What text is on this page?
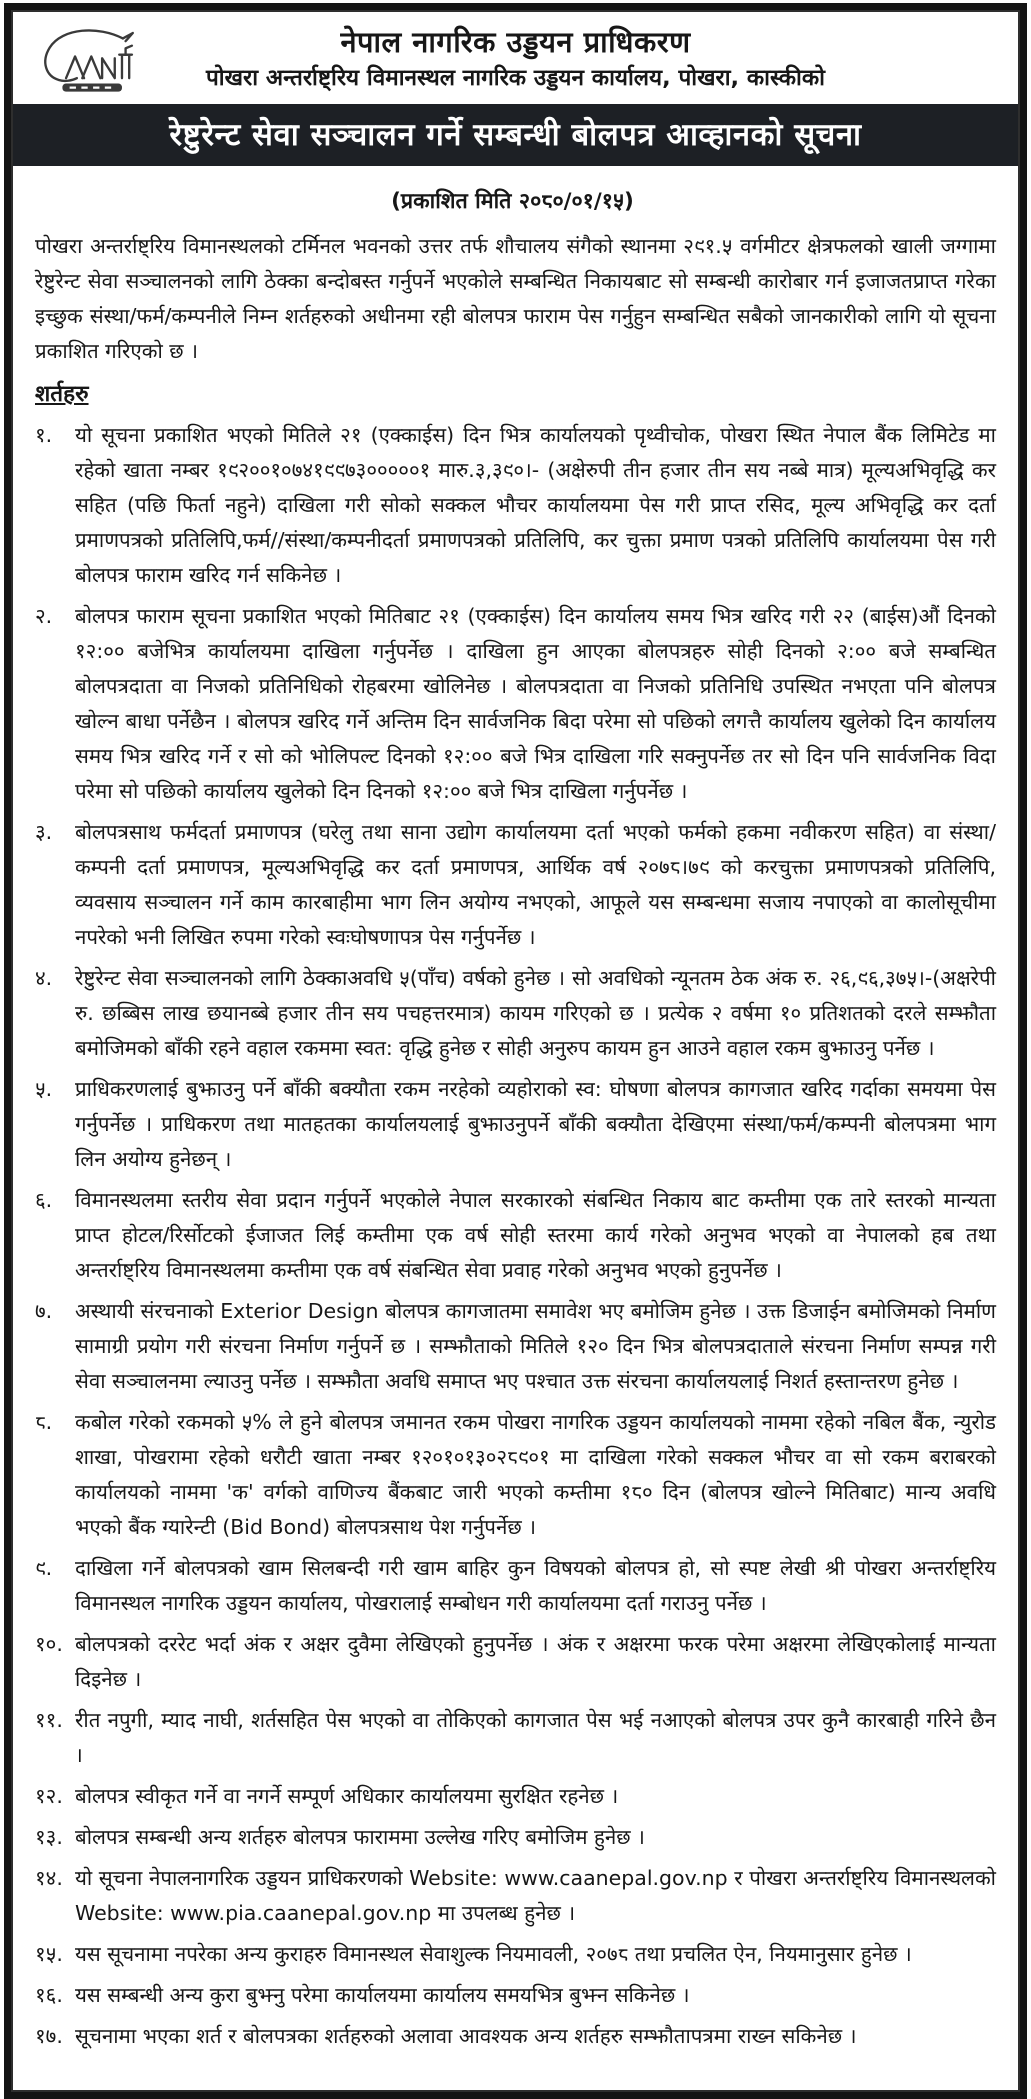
नेपाल नागरिक उड्डयन प्राधिकरण
पोखरा अन्तर्राष्ट्रिय विमानस्थल नागरिक उड्डयन कार्यालय, पोखरा, कास्कीको
रेष्टुरेन्ट सेवा सञ्चालन गर्ने सम्बन्धी बोलपत्र आव्हानको सूचना
(प्रकाशित मिति २०८०/०१/१५)

पोखरा अन्तर्राष्ट्रिय विमानस्थलको टर्मिनल भवनको उत्तर तर्फ शौचालय संगैको स्थानमा २९१.५ वर्गमीटर क्षेत्रफलको खाली जग्गामा रेष्टुरेन्ट सेवा सञ्चालनको लागि ठेक्का बन्दोबस्त गर्नुपर्ने भएकोले सम्बन्धित निकायबाट सो सम्बन्धी कारोबार गर्न इजाजतप्राप्त गरेका इच्छुक संस्था/फर्म/कम्पनीले निम्न शर्तहरुको अधीनमा रही बोलपत्र फाराम पेस गर्नुहुन सम्बन्धित सबैको जानकारीको लागि यो सूचना प्रकाशित गरिएको छ ।

शर्तहरु
१.	यो सूचना प्रकाशित भएको मितिले २१ (एक्काईस) दिन भित्र कार्यालयको पृथ्वीचोक, पोखरा स्थित नेपाल बैंक लिमिटेड मा रहेको खाता नम्बर १९२००१०७४१९९७३०००००१ मारु.३,३९०।- (अक्षेरुपी तीन हजार तीन सय नब्बे मात्र) मूल्यअभिवृद्धि कर सहित (पछि फिर्ता नहुने) दाखिला गरी सोको सक्कल भौचर कार्यालयमा पेस गरी प्राप्त रसिद, मूल्य अभिवृद्धि कर दर्ता प्रमाणपत्रको प्रतिलिपि,फर्म//संस्था/कम्पनीदर्ता प्रमाणपत्रको प्रतिलिपि, कर चुक्ता प्रमाण पत्रको प्रतिलिपि कार्यालयमा पेस गरी बोलपत्र फाराम खरिद गर्न सकिनेछ ।
२.	बोलपत्र फाराम सूचना प्रकाशित भएको मितिबाट २१ (एक्काईस) दिन कार्यालय समय भित्र खरिद गरी २२ (बाईस)औं दिनको १२:०० बजेभित्र कार्यालयमा दाखिला गर्नुपर्नेछ । दाखिला हुन आएका बोलपत्रहरु सोही दिनको २:०० बजे सम्बन्धित बोलपत्रदाता वा निजको प्रतिनिधिको रोहबरमा खोलिनेछ । बोलपत्रदाता वा निजको प्रतिनिधि उपस्थित नभएता पनि बोलपत्र खोल्न बाधा पर्नेछैन । बोलपत्र खरिद गर्ने अन्तिम दिन सार्वजनिक बिदा परेमा सो पछिको लगत्तै कार्यालय खुलेको दिन कार्यालय समय भित्र खरिद गर्ने र सो को भोलिपल्ट दिनको १२:०० बजे भित्र दाखिला गरि सक्नुपर्नेछ तर सो दिन पनि सार्वजनिक विदा परेमा सो पछिको कार्यालय खुलेको दिन दिनको १२:०० बजे भित्र दाखिला गर्नुपर्नेछ ।
३.	बोलपत्रसाथ फर्मदर्ता प्रमाणपत्र (घरेलु तथा साना उद्योग कार्यालयमा दर्ता भएको फर्मको हकमा नवीकरण सहित) वा संस्था/कम्पनी दर्ता प्रमाणपत्र, मूल्यअभिवृद्धि कर दर्ता प्रमाणपत्र, आर्थिक वर्ष २०७८।७९ को करचुक्ता प्रमाणपत्रको प्रतिलिपि, व्यवसाय सञ्चालन गर्ने काम कारबाहीमा भाग लिन अयोग्य नभएको, आफूले यस सम्बन्धमा सजाय नपाएको वा कालोसूचीमा नपरेको भनी लिखित रुपमा गरेको स्वःघोषणापत्र पेस गर्नुपर्नेछ ।
४.	रेष्टुरेन्ट सेवा सञ्चालनको लागि ठेक्काअवधि ५(पाँच) वर्षको हुनेछ । सो अवधिको न्यूनतम ठेक अंक रु. २६,९६,३७५।-(अक्षरेपी रु. छब्बिस लाख छयानब्बे हजार तीन सय पचहत्तरमात्र) कायम गरिएको छ । प्रत्येक २ वर्षमा १० प्रतिशतको दरले सम्झौता बमोजिमको बाँकी रहने वहाल रकममा स्वत: वृद्धि हुनेछ र सोही अनुरुप कायम हुन आउने वहाल रकम बुझाउनु पर्नेछ ।
५.	प्राधिकरणलाई बुझाउनु पर्ने बाँकी बक्यौता रकम नरहेको व्यहोराको स्व: घोषणा बोलपत्र कागजात खरिद गर्दाका समयमा पेस गर्नुपर्नेछ । प्राधिकरण तथा मातहतका कार्यालयलाई बुझाउनुपर्ने बाँकी बक्यौता देखिएमा संस्था/फर्म/कम्पनी बोलपत्रमा भाग लिन अयोग्य हुनेछन् ।
६.	विमानस्थलमा स्तरीय सेवा प्रदान गर्नुपर्ने भएकोले नेपाल सरकारको संबन्धित निकाय बाट कम्तीमा एक तारे स्तरको मान्यता प्राप्त होटल/रिर्सोटको ईजाजत लिई कम्तीमा एक वर्ष सोही स्तरमा कार्य गरेको अनुभव भएको वा नेपालको हब तथा अन्तर्राष्ट्रिय विमानस्थलमा कम्तीमा एक वर्ष संबन्धित सेवा प्रवाह गरेको अनुभव भएको हुनुपर्नेछ ।
७.	अस्थायी संरचनाको Exterior Design बोलपत्र कागजातमा समावेश भए बमोजिम हुनेछ । उक्त डिजाईन बमोजिमको निर्माण सामाग्री प्रयोग गरी संरचना निर्माण गर्नुपर्ने छ । सम्झौताको मितिले १२० दिन भित्र बोलपत्रदाताले संरचना निर्माण सम्पन्न गरी सेवा सञ्चालनमा ल्याउनु पर्नेछ । सम्झौता अवधि समाप्त भए पश्चात उक्त संरचना कार्यालयलाई निशर्त हस्तान्तरण हुनेछ ।
८.	कबोल गरेको रकमको ५% ले हुने बोलपत्र जमानत रकम पोखरा नागरिक उड्डयन कार्यालयको नाममा रहेको नबिल बैंक, न्युरोड शाखा, पोखरामा रहेको धरौटी खाता नम्बर १२०१०१३०२८९०१ मा दाखिला गरेको सक्कल भौचर वा सो रकम बराबरको कार्यालयको नाममा 'क' वर्गको वाणिज्य बैंकबाट जारी भएको कम्तीमा १८० दिन (बोलपत्र खोल्ने मितिबाट) मान्य अवधि भएको बैंक ग्यारेन्टी (Bid Bond) बोलपत्रसाथ पेश गर्नुपर्नेछ ।
९.	दाखिला गर्ने बोलपत्रको खाम सिलबन्दी गरी खाम बाहिर कुन विषयको बोलपत्र हो, सो स्पष्ट लेखी श्री पोखरा अन्तर्राष्ट्रिय विमानस्थल नागरिक उड्डयन कार्यालय, पोखरालाई सम्बोधन गरी कार्यालयमा दर्ता गराउनु पर्नेछ ।
१०. बोलपत्रको दररेट भर्दा अंक र अक्षर दुवैमा लेखिएको हुनुपर्नेछ । अंक र अक्षरमा फरक परेमा अक्षरमा लेखिएकोलाई मान्यता दिइनेछ ।
११. रीत नपुगी, म्याद नाघी, शर्तसहित पेस भएको वा तोकिएको कागजात पेस भई नआएको बोलपत्र उपर कुनै कारबाही गरिने छैन ।
१२. बोलपत्र स्वीकृत गर्ने वा नगर्ने सम्पूर्ण अधिकार कार्यालयमा सुरक्षित रहनेछ ।
१३. बोलपत्र सम्बन्धी अन्य शर्तहरु बोलपत्र फाराममा उल्लेख गरिए बमोजिम हुनेछ ।
१४. यो सूचना नेपालनागरिक उड्डयन प्राधिकरणको Website: www.caanepal.gov.np र पोखरा अन्तर्राष्ट्रिय विमानस्थलको Website: www.pia.caanepal.gov.np मा उपलब्ध हुनेछ ।
१५. यस सूचनामा नपरेका अन्य कुराहरु विमानस्थल सेवाशुल्क नियमावली, २०७८ तथा प्रचलित ऐन, नियमानुसार हुनेछ ।
१६. यस सम्बन्धी अन्य कुरा बुझ्नु परेमा कार्यालयमा कार्यालय समयभित्र बुझ्न सकिनेछ ।
१७. सूचनामा भएका शर्त र बोलपत्रका शर्तहरुको अलावा आवश्यक अन्य शर्तहरु सम्झौतापत्रमा राख्न सकिनेछ ।
